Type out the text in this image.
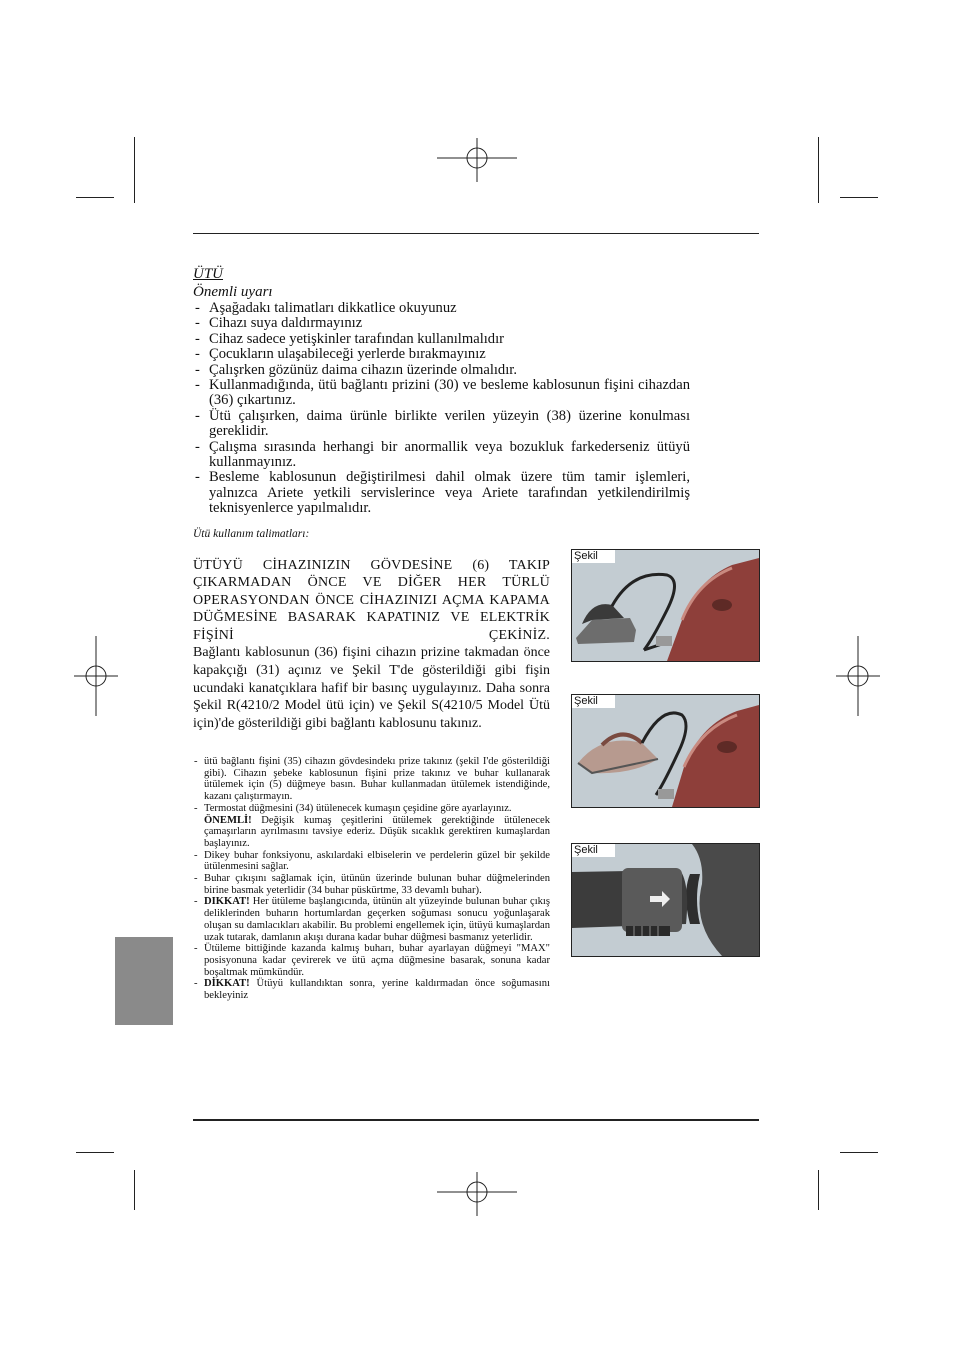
ÜTÜ
Önemli uyarı
- Aşağadakı talimatları dikkatlice okuyunuz
- Cihazı suya daldırmayınız
- Cihaz sadece yetişkinler tarafından kullanılmalıdır
- Çocukların ulaşabileceği yerlerde bırakmayınız
- Çalışrken gözünüz daima cihazın üzerinde olmalıdır.
- Kullanmadığında, ütü bağlantı prizini (30) ve besleme kablosunun fişini cihazdan (36) çıkartınız.
- Ütü çalışırken, daima ürünle birlikte verilen yüzeyin (38) üzerine konulması gereklidir.
- Çalışma sırasında herhangi bir anormallik veya bozukluk farkederseniz ütüyü kullanmayınız.
- Besleme kablosunun değiştirilmesi dahil olmak üzere tüm tamir işlemleri, yalnızca Ariete yetkili servislerince veya Ariete tarafından yetkilendirilmiş teknisyenlerce yapılmalıdır.
Ütü kullanım talimatları:

ÜTÜYÜ CİHAZINIZIN GÖVDESİNE (6) TAKIP ÇIKARMADAN ÖNCE VE DİĞER HER TÜRLÜ OPERASYONDAN ÖNCE CİHAZINIZI AÇMA KAPAMA DÜĞMESİNE BASARAK KAPATINIZ VE ELEKTRİK FİŞİNİ ÇEKİNİZ.

Bağlantı kablosunun (36) fişini cihazın prizine takmadan önce kapakçığı (31) açınız ve Şekil T'de gösterildiği gibi fişin ucundaki kanatçıklara hafif bir basınç uygulayınız. Daha sonra Şekil R(4210/2 Model ütü için) ve Şekil S(4210/5 Model Ütü için)'de gösterildiği gibi bağlantı kablosunu takınız.

- ütü bağlantı fişini (35) cihazın gövdesindekı prize takınız (şekil I'de gösterildiği gibi). Cihazın şebeke kablosunun fişini prize takınız ve buhar kullanarak ütülemek için (5) düğmeye basın. Buhar kullanmadan ütülemek istendiğinde, kazanı çalıştırmayın.
- Termostat düğmesini (34) ütülenecek kumaşın çeşidine göre ayarlayınız.
ÖNEMLİ! Değişik kumaş çeşitlerini ütülemek gerektiğinde ütülenecek çamaşırların ayrılmasını tavsiye ederiz. Düşük sıcaklık gerektiren kumaşlardan başlayınız.
- Dikey buhar fonksiyonu, askılardaki elbiselerin ve perdelerin güzel bir şekilde ütülenmesini sağlar.
- Buhar çıkışını sağlamak için, ütünün üzerinde bulunan buhar düğmelerinden birine basmak yeterlidir (34 buhar püskürtme, 33 devamlı buhar).
- DIKKAT! Her ütüleme başlangıcında, ütünün alt yüzeyinde bulunan buhar çıkış deliklerinden buharın hortumlardan geçerken soğuması sonucu yoğunlaşarak oluşan su damlacıkları akabilir. Bu problemi engellemek için, ütüyü kumaşlardan uzak tutarak, damlanın akışı durana kadar buhar düğmesi basmanız yeterlidir.
- Ütüleme bittiğinde kazanda kalmış buharı, buhar ayarlayan düğmeyi "MAX" posisyonuna kadar çevirerek ve ütü açma düğmesine basarak, sonuna kadar boşaltmak mümkündür.
- DİKKAT! Ütüyü kullandıktan sonra, yerine kaldırmadan önce soğumasını bekleyiniz
Şekil
Şekil
Şekil
